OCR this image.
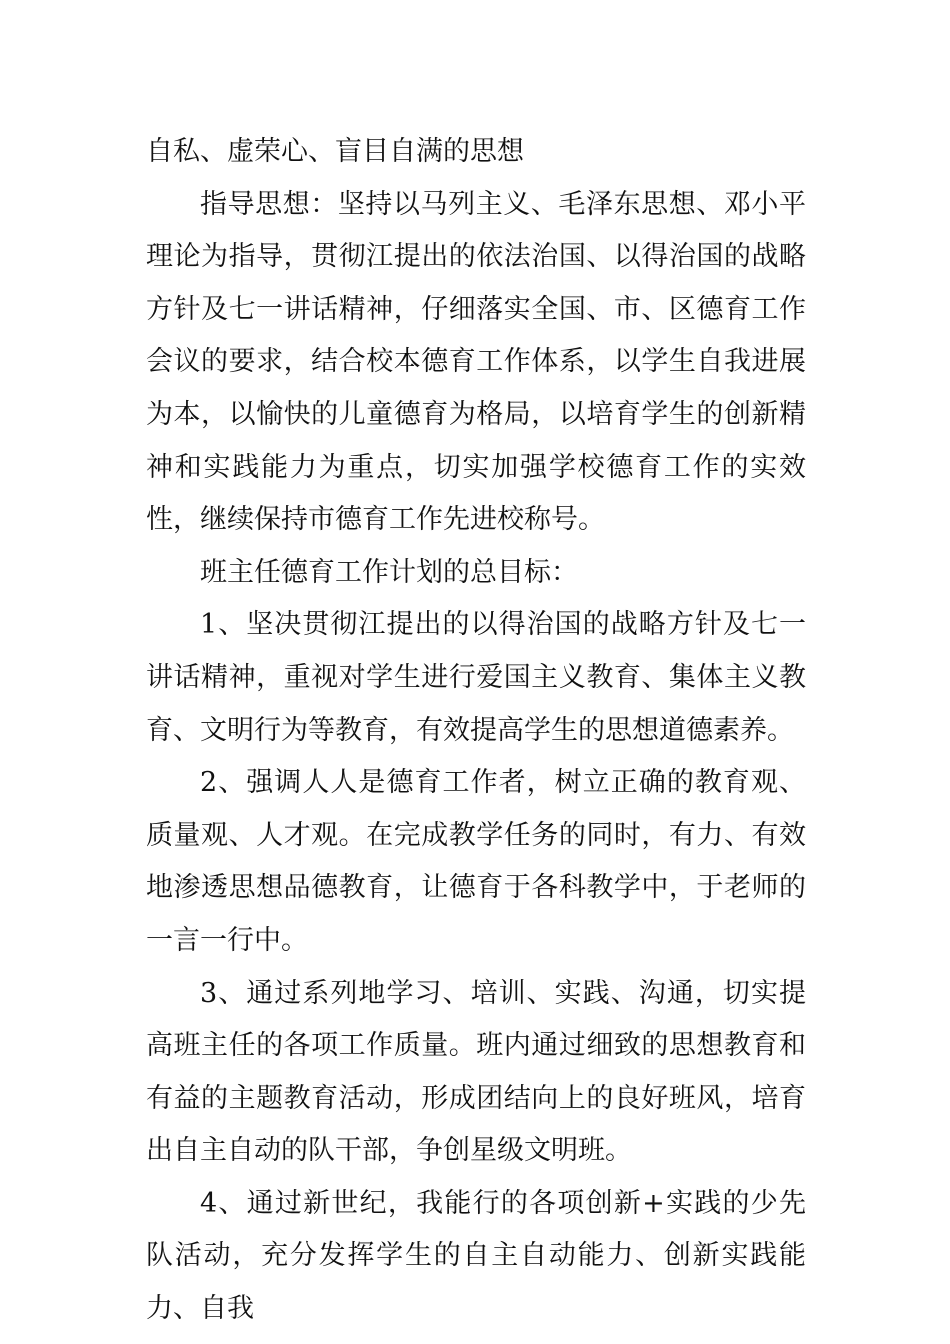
自私、虚荣心、盲目自满的思想

指导思想：坚持以马列主义、毛泽东思想、邓小平理论为指导，贯彻江提出的依法治国、以得治国的战略方针及七一讲话精神，仔细落实全国、市、区德育工作会议的要求，结合校本德育工作体系，以学生自我进展为本，以愉快的儿童德育为格局，以培育学生的创新精神和实践能力为重点，切实加强学校德育工作的实效性，继续保持市德育工作先进校称号。

班主任德育工作计划的总目标：

1、坚决贯彻江提出的以得治国的战略方针及七一讲话精神，重视对学生进行爱国主义教育、集体主义教育、文明行为等教育，有效提高学生的思想道德素养。

2、强调人人是德育工作者，树立正确的教育观、质量观、人才观。在完成教学任务的同时，有力、有效地渗透思想品德教育，让德育于各科教学中，于老师的一言一行中。

3、通过系列地学习、培训、实践、沟通，切实提高班主任的各项工作质量。班内通过细致的思想教育和有益的主题教育活动，形成团结向上的良好班风，培育出自主自动的队干部，争创星级文明班。

4、通过新世纪，我能行的各项创新+实践的少先队活动，充分发挥学生的自主自动能力、创新实践能力、自我
